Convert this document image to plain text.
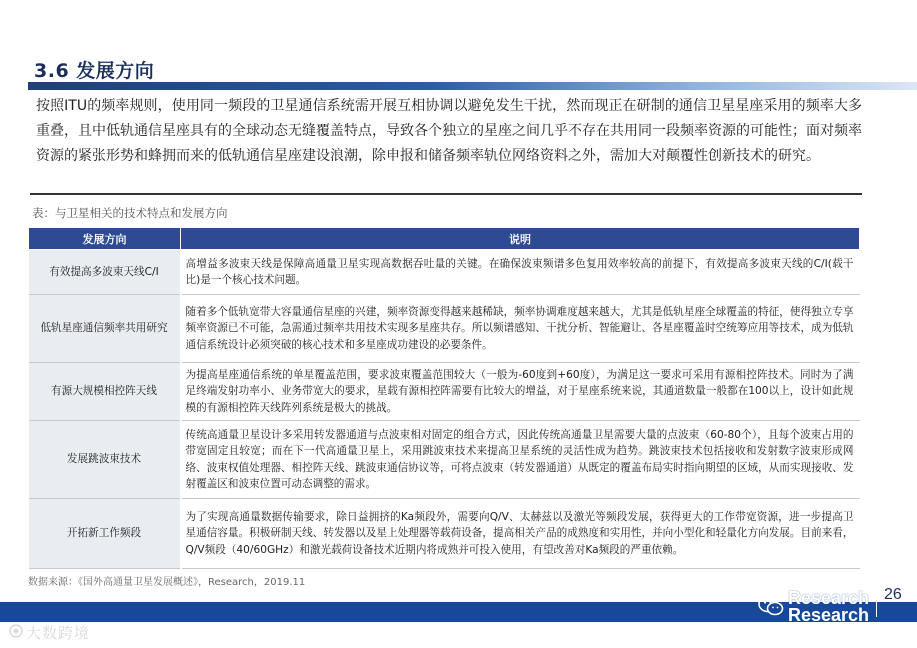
3.6 发展方向

按照ITU的频率规则，使用同一频段的卫星通信系统需开展互相协调以避免发生干扰，然而现正在研制的通信卫星星座采用的频率大多重叠，且中低轨通信星座具有的全球动态无缝覆盖特点，导致各个独立的星座之间几乎不存在共用同一段频率资源的可能性；面对频率资源的紧张形势和蜂拥而来的低轨通信星座建设浪潮，除申报和储备频率轨位网络资料之外，需加大对颠覆性创新技术的研究。

表：与卫星相关的技术特点和发展方向
发展方向	说明
有效提高多波束天线C/I	高增益多波束天线是保障高通量卫星实现高数据吞吐量的关键。在确保波束频谱多色复用效率较高的前提下，有效提高多波束天线的C/I(载干比)是一个核心技术问题。
低轨星座通信频率共用研究	随着多个低轨宽带大容量通信星座的兴建，频率资源变得越来越稀缺，频率协调难度越来越大，尤其是低轨星座全球覆盖的特征，使得独立专享频率资源已不可能，急需通过频率共用技术实现多星座共存。所以频谱感知、干扰分析、智能避让、各星座覆盖时空统筹应用等技术，成为低轨通信系统设计必须突破的核心技术和多星座成功建设的必要条件。
有源大规模相控阵天线	为提高星座通信系统的单星覆盖范围，要求波束覆盖范围较大（一般为-60度到+60度），为满足这一要求可采用有源相控阵技术。同时为了满足终端发射功率小、业务带宽大的要求，星载有源相控阵需要有比较大的增益，对于星座系统来说，其通道数量一般都在100以上，设计如此规模的有源相控阵天线阵列系统是极大的挑战。
发展跳波束技术	传统高通量卫星设计多采用转发器通道与点波束相对固定的组合方式，因此传统高通量卫星需要大量的点波束（60-80个），且每个波束占用的带宽固定且较宽；而在下一代高通量卫星上，采用跳波束技术来提高卫星系统的灵活性成为趋势。跳波束技术包括接收和发射数字波束形成网络、波束权值处理器、相控阵天线、跳波束通信协议等，可将点波束（转发器通道）从既定的覆盖布局实时指向期望的区域，从而实现接收、发射覆盖区和波束位置可动态调整的需求。
开拓新工作频段	为了实现高通量数据传输要求，除日益拥挤的Ka频段外，需要向Q/V、太赫兹以及激光等频段发展，获得更大的工作带宽资源，进一步提高卫星通信容量。积极研制天线、转发器以及星上处理器等载荷设备，提高相关产品的成熟度和实用性，并向小型化和轻量化方向发展。目前来看，Q/V频段（40/60GHz）和激光载荷设备技术近期内将成熟并可投入使用，有望改善对Ka频段的严重依赖。
数据来源：《国外高通量卫星发展概述》，Research，2019.11
Research
Research
26
大数跨境
